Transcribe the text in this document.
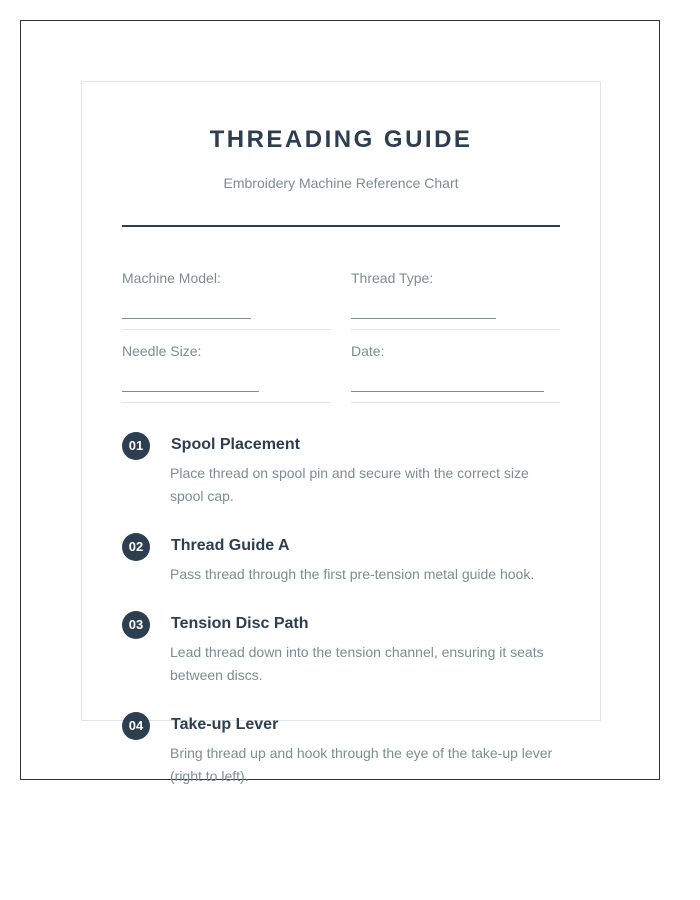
THREADING GUIDE

Embroidery Machine Reference Chart

Machine Model:	Thread Type:
Needle Size:	Date:
01	Spool Placement
Place thread on spool pin and secure with the correct size spool cap.
02	Thread Guide A
Pass thread through the first pre-tension metal guide hook.
03	Tension Disc Path
Lead thread down into the tension channel, ensuring it seats between discs.
04	Take-up Lever
Bring thread up and hook through the eye of the take-up lever (right to left).
